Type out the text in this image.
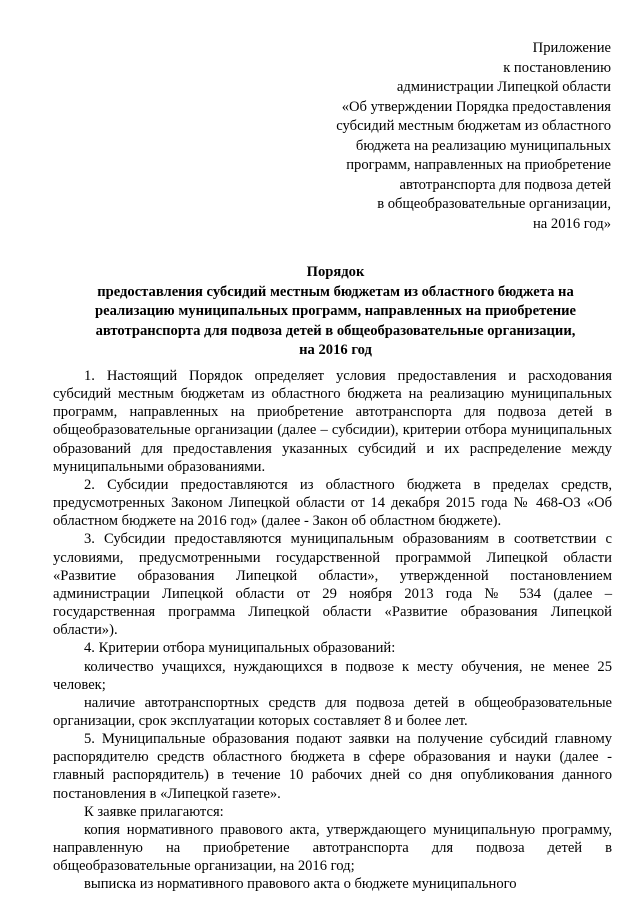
Приложение
к постановлению
администрации Липецкой области
«Об утверждении Порядка предоставления
субсидий местным бюджетам из областного
бюджета на реализацию муниципальных
программ, направленных на приобретение
автотранспорта для подвоза детей
в общеобразовательные организации,
на 2016 год»
Порядок
предоставления субсидий местным бюджетам из областного бюджета на
реализацию муниципальных программ, направленных на приобретение
автотранспорта для подвоза детей в общеобразовательные организации,
на 2016 год

1. Настоящий Порядок определяет условия предоставления и расходования субсидий местным бюджетам из областного бюджета на реализацию муниципальных программ, направленных на приобретение автотранспорта для подвоза детей в общеобразовательные организации (далее – субсидии), критерии отбора муниципальных образований для предоставления указанных субсидий и их распределение между муниципальными образованиями.

2. Субсидии предоставляются из областного бюджета в пределах средств, предусмотренных Законом Липецкой области от 14 декабря 2015 года № 468-ОЗ «Об областном бюджете на 2016 год» (далее - Закон об областном бюджете).

3. Субсидии предоставляются муниципальным образованиям в соответствии с условиями, предусмотренными государственной программой Липецкой области «Развитие образования Липецкой области», утвержденной постановлением администрации Липецкой области от 29 ноября 2013 года № 534 (далее – государственная программа Липецкой области «Развитие образования Липецкой области»).

4. Критерии отбора муниципальных образований:

количество учащихся, нуждающихся в подвозе к месту обучения, не менее 25 человек;

наличие автотранспортных средств для подвоза детей в общеобразовательные организации, срок эксплуатации которых составляет 8 и более лет.

5. Муниципальные образования подают заявки на получение субсидий главному распорядителю средств областного бюджета в сфере образования и науки (далее - главный распорядитель) в течение 10 рабочих дней со дня опубликования данного постановления в «Липецкой газете».

К заявке прилагаются:

копия нормативного правового акта, утверждающего муниципальную программу, направленную на приобретение автотранспорта для подвоза детей в общеобразовательные организации, на 2016 год;

выписка из нормативного правового акта о бюджете муниципального
